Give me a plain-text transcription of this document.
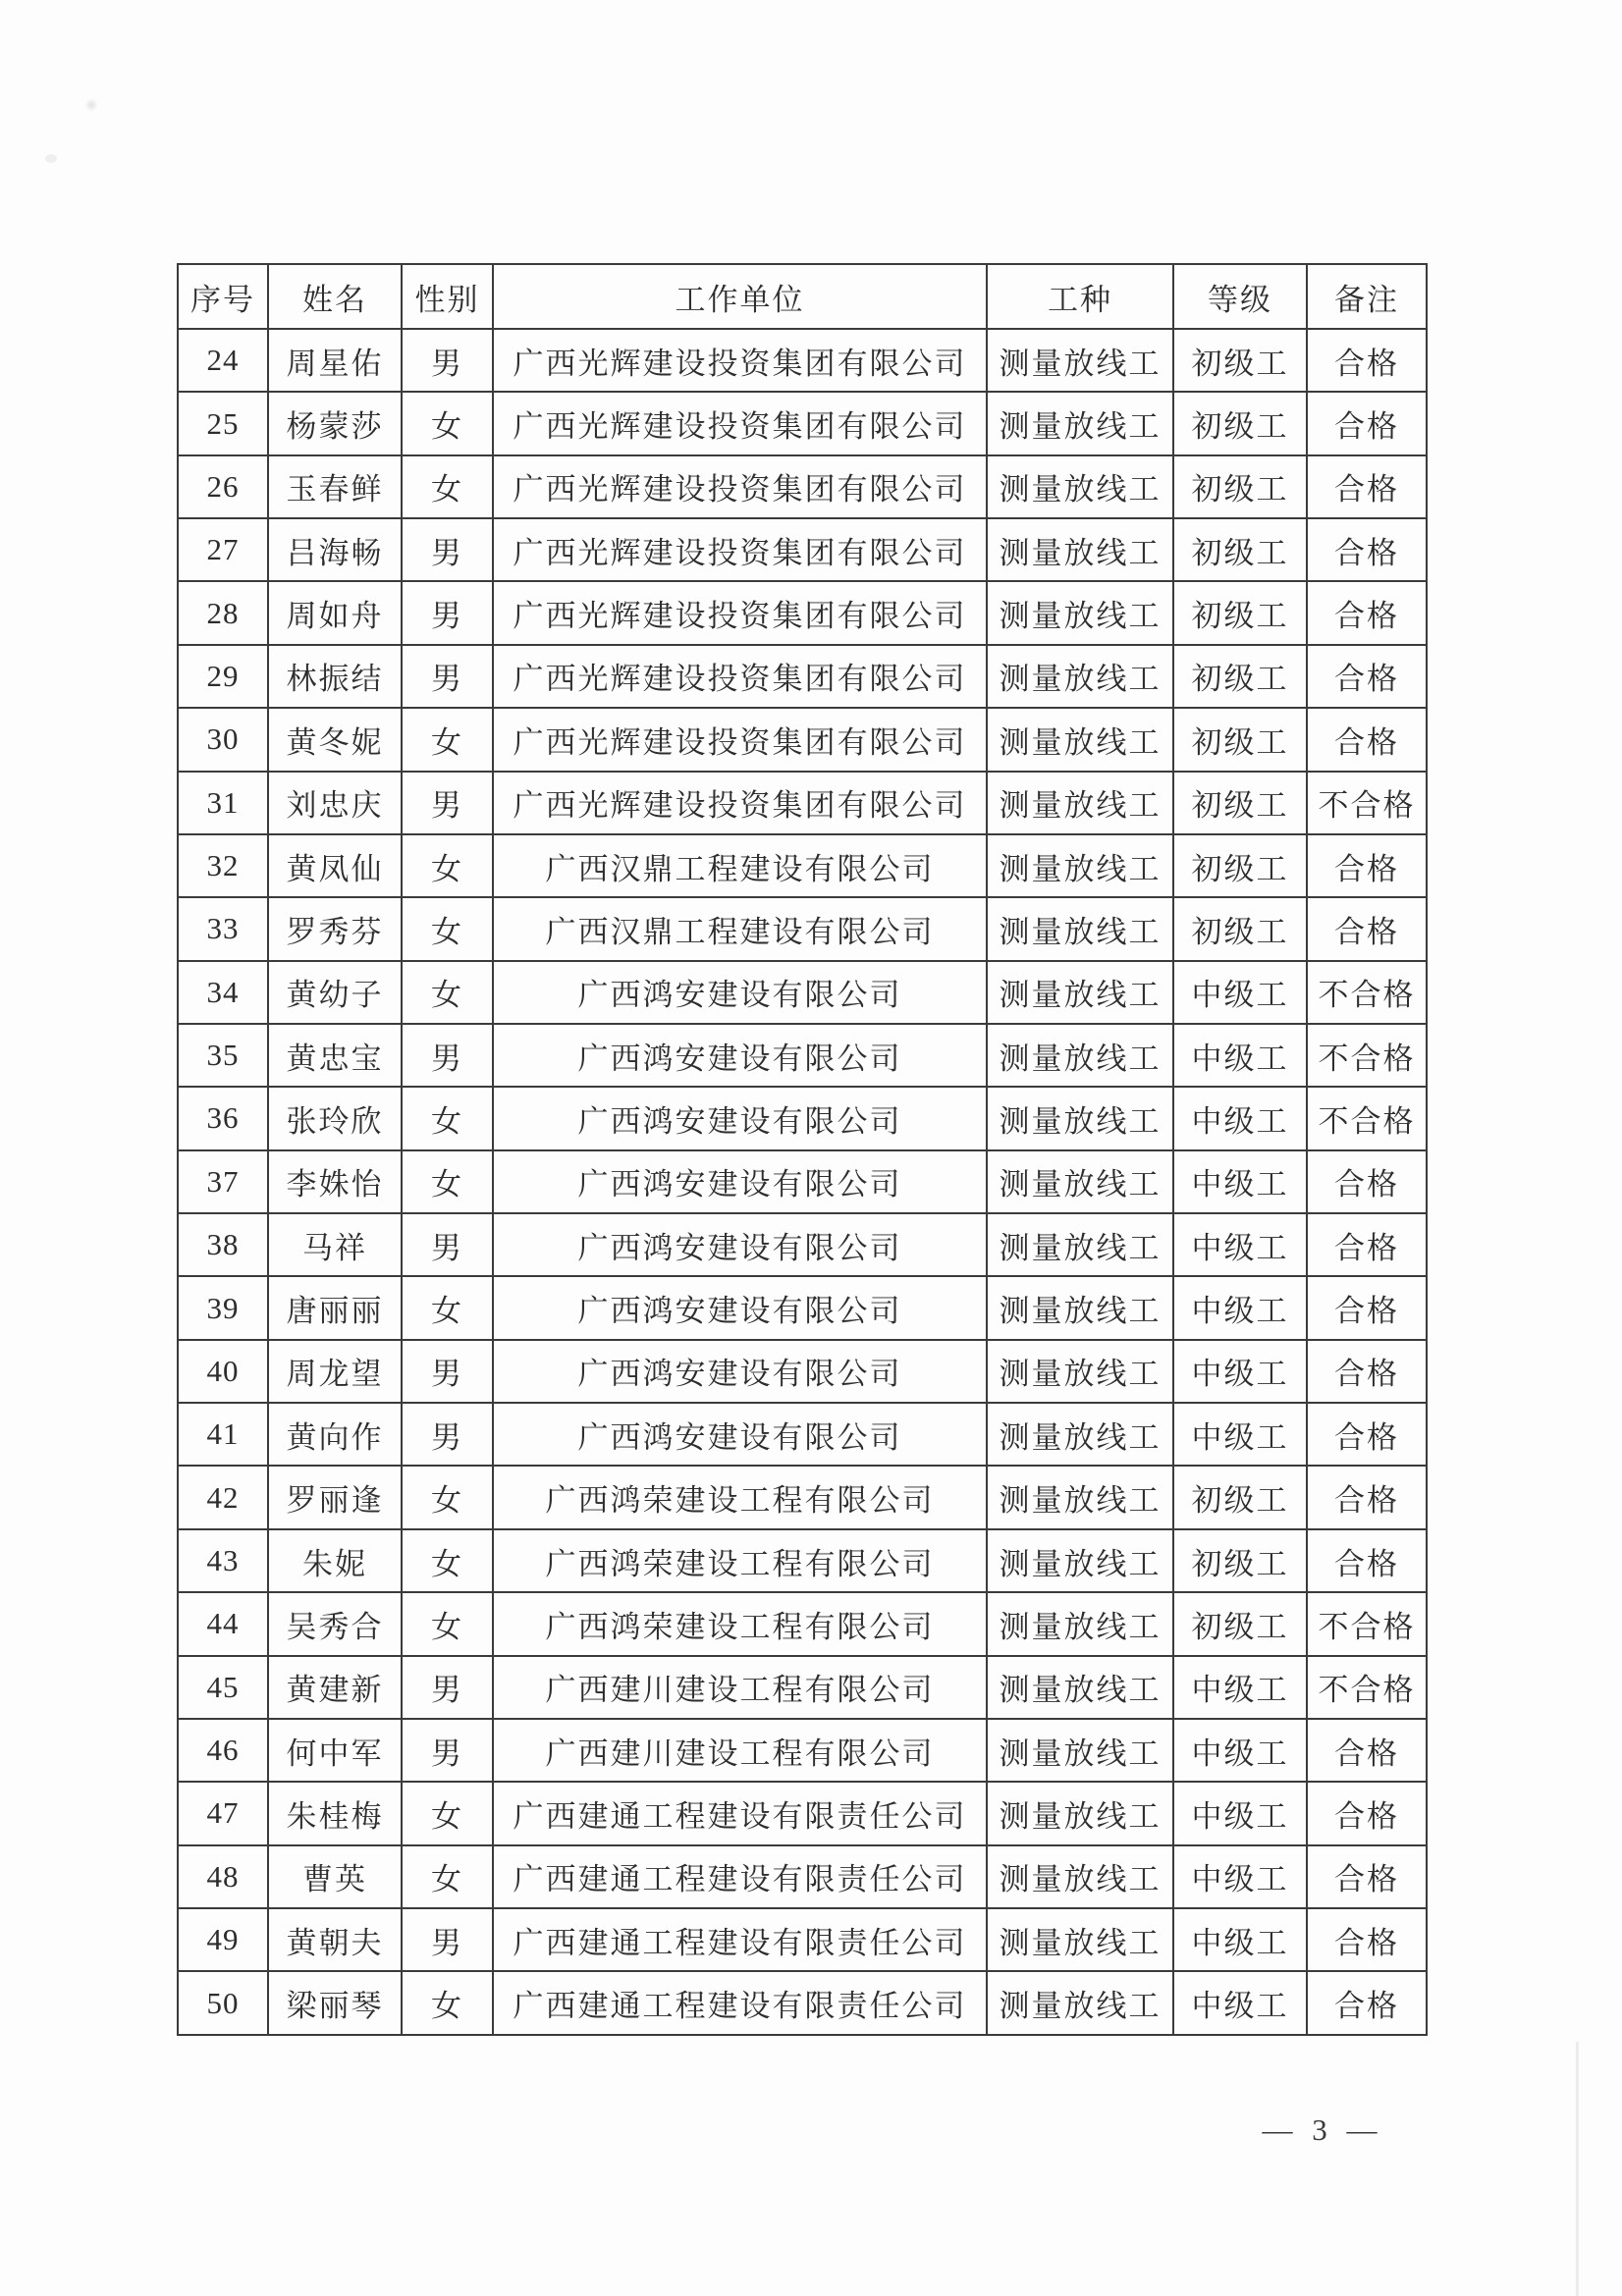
序号	姓名	性别	工作单位	工种	等级	备注
24	周星佑	男	广西光辉建设投资集团有限公司	测量放线工	初级工	合格
25	杨蒙莎	女	广西光辉建设投资集团有限公司	测量放线工	初级工	合格
26	玉春鲜	女	广西光辉建设投资集团有限公司	测量放线工	初级工	合格
27	吕海畅	男	广西光辉建设投资集团有限公司	测量放线工	初级工	合格
28	周如舟	男	广西光辉建设投资集团有限公司	测量放线工	初级工	合格
29	林振结	男	广西光辉建设投资集团有限公司	测量放线工	初级工	合格
30	黄冬妮	女	广西光辉建设投资集团有限公司	测量放线工	初级工	合格
31	刘忠庆	男	广西光辉建设投资集团有限公司	测量放线工	初级工	不合格
32	黄凤仙	女	广西汉鼎工程建设有限公司	测量放线工	初级工	合格
33	罗秀芬	女	广西汉鼎工程建设有限公司	测量放线工	初级工	合格
34	黄幼子	女	广西鸿安建设有限公司	测量放线工	中级工	不合格
35	黄忠宝	男	广西鸿安建设有限公司	测量放线工	中级工	不合格
36	张玲欣	女	广西鸿安建设有限公司	测量放线工	中级工	不合格
37	李姝怡	女	广西鸿安建设有限公司	测量放线工	中级工	合格
38	马祥	男	广西鸿安建设有限公司	测量放线工	中级工	合格
39	唐丽丽	女	广西鸿安建设有限公司	测量放线工	中级工	合格
40	周龙望	男	广西鸿安建设有限公司	测量放线工	中级工	合格
41	黄向作	男	广西鸿安建设有限公司	测量放线工	中级工	合格
42	罗丽逢	女	广西鸿荣建设工程有限公司	测量放线工	初级工	合格
43	朱妮	女	广西鸿荣建设工程有限公司	测量放线工	初级工	合格
44	吴秀合	女	广西鸿荣建设工程有限公司	测量放线工	初级工	不合格
45	黄建新	男	广西建川建设工程有限公司	测量放线工	中级工	不合格
46	何中军	男	广西建川建设工程有限公司	测量放线工	中级工	合格
47	朱桂梅	女	广西建通工程建设有限责任公司	测量放线工	中级工	合格
48	曹英	女	广西建通工程建设有限责任公司	测量放线工	中级工	合格
49	黄朝夫	男	广西建通工程建设有限责任公司	测量放线工	中级工	合格
50	梁丽琴	女	广西建通工程建设有限责任公司	测量放线工	中级工	合格
— 3 —
